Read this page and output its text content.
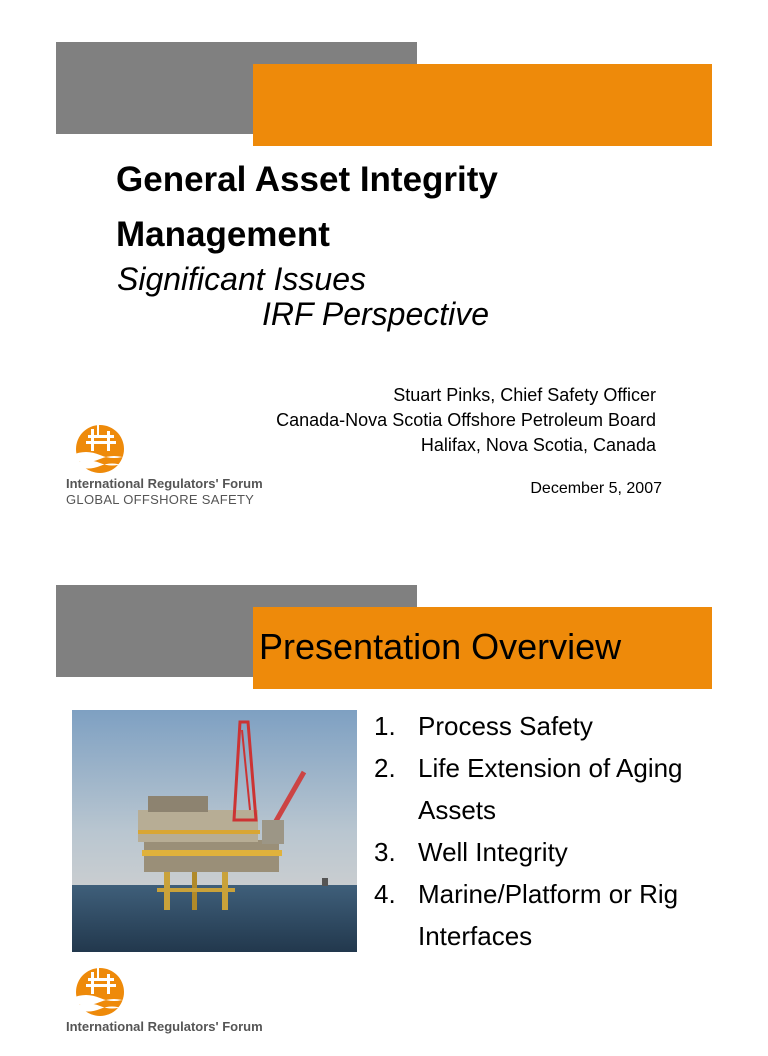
General Asset Integrity Management
Significant Issues
IRF Perspective
Stuart Pinks, Chief Safety Officer
Canada-Nova Scotia Offshore Petroleum Board
Halifax, Nova Scotia, Canada
December 5, 2007
International Regulators' Forum
GLOBAL OFFSHORE SAFETY
Presentation Overview
1. Process Safety
2. Life Extension of Aging Assets
3. Well Integrity
4. Marine/Platform or Rig Interfaces
International Regulators' Forum
